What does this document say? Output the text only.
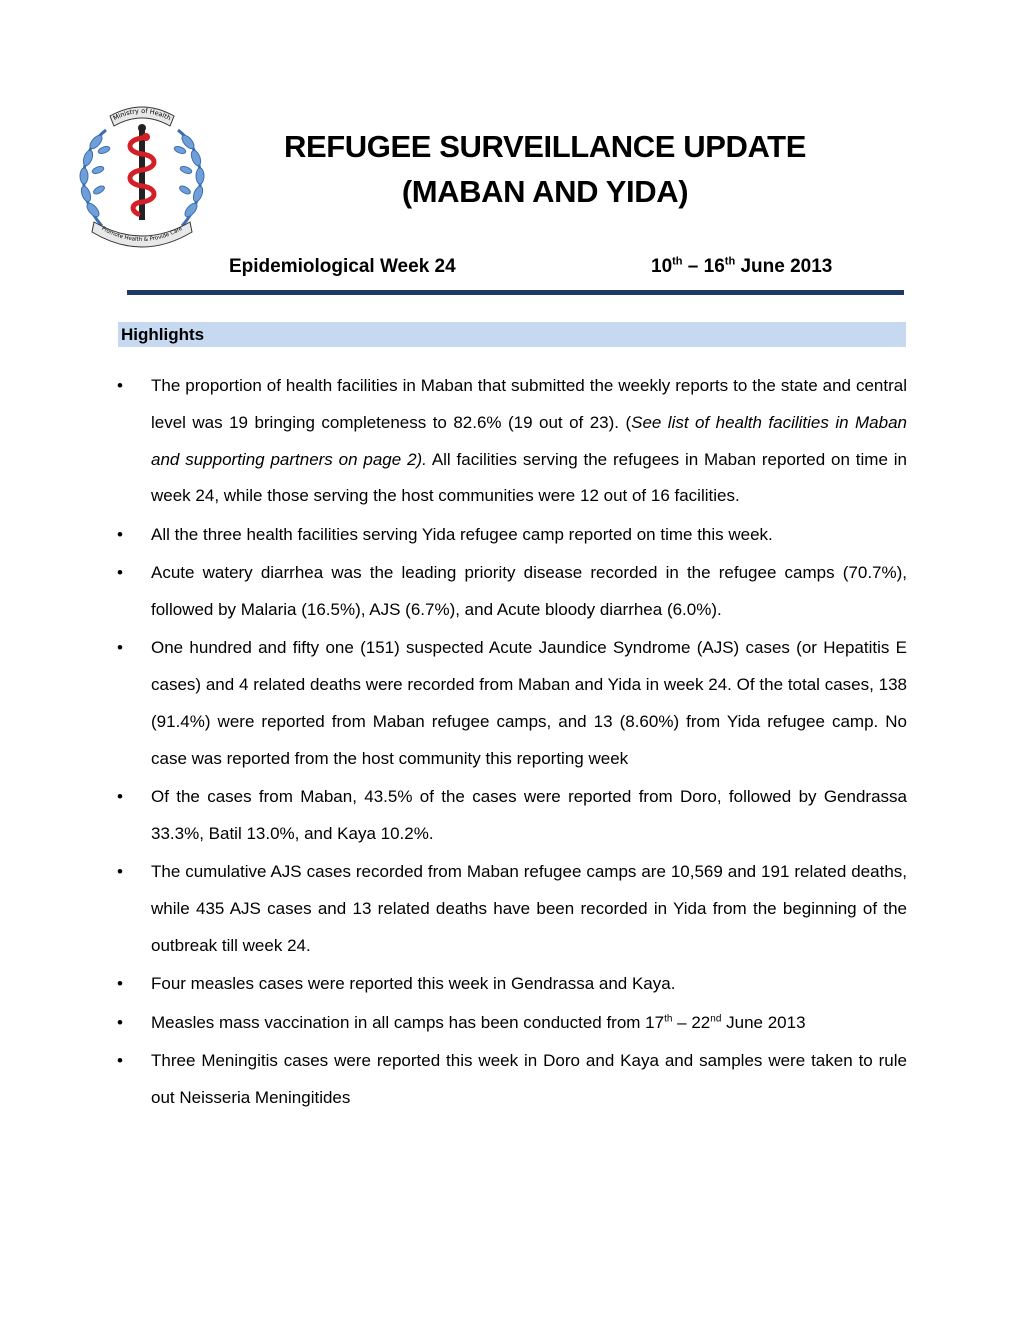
Ministry of Health
Promote Health & Provide Care
REFUGEE SURVEILLANCE UPDATE
(MABAN AND YIDA)
Epidemiological Week 24	10th – 16th June 2013
Highlights
• The proportion of health facilities in Maban that submitted the weekly reports to the state and central level was 19 bringing completeness to 82.6% (19 out of 23). (See list of health facilities in Maban and supporting partners on page 2). All facilities serving the refugees in Maban reported on time in week 24, while those serving the host communities were 12 out of 16 facilities.
• All the three health facilities serving Yida refugee camp reported on time this week.
• Acute watery diarrhea was the leading priority disease recorded in the refugee camps (70.7%), followed by Malaria (16.5%), AJS (6.7%), and Acute bloody diarrhea (6.0%).
• One hundred and fifty one (151) suspected Acute Jaundice Syndrome (AJS) cases (or Hepatitis E cases) and 4 related deaths were recorded from Maban and Yida in week 24. Of the total cases, 138 (91.4%) were reported from Maban refugee camps, and 13 (8.60%) from Yida refugee camp. No case was reported from the host community this reporting week
• Of the cases from Maban, 43.5% of the cases were reported from Doro, followed by Gendrassa 33.3%, Batil 13.0%, and Kaya 10.2%.
• The cumulative AJS cases recorded from Maban refugee camps are 10,569 and 191 related deaths, while 435 AJS cases and 13 related deaths have been recorded in Yida from the beginning of the outbreak till week 24.
• Four measles cases were reported this week in Gendrassa and Kaya.
• Measles mass vaccination in all camps has been conducted from 17th – 22nd June 2013
• Three Meningitis cases were reported this week in Doro and Kaya and samples were taken to rule out Neisseria Meningitides
